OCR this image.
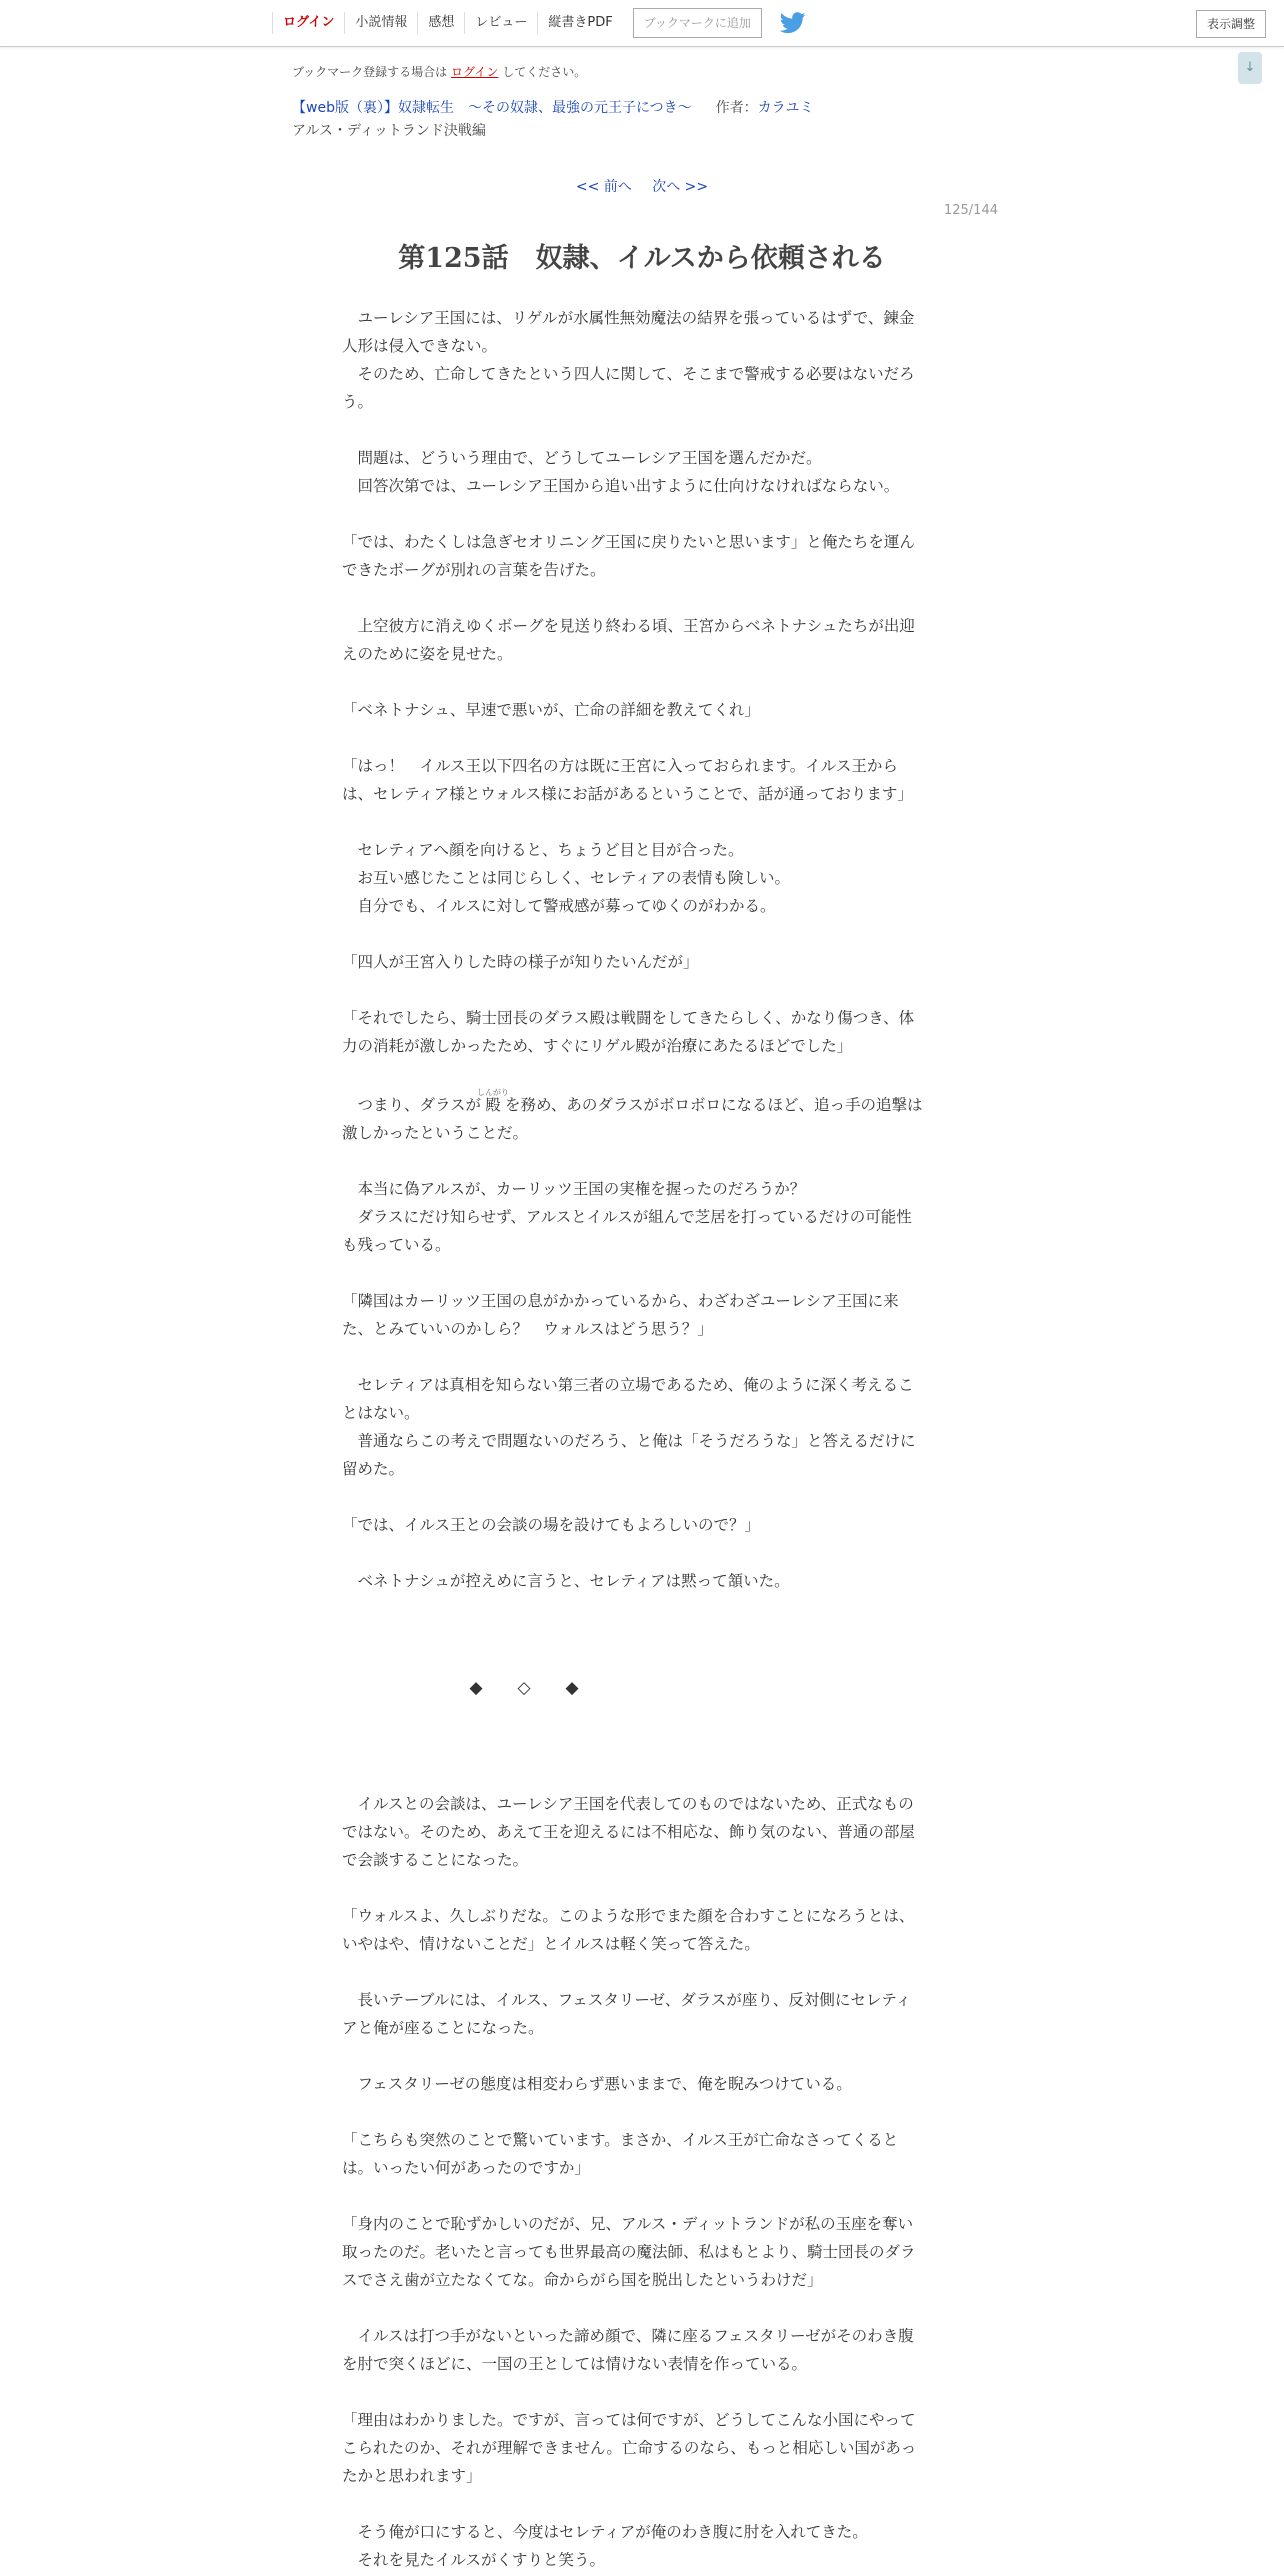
ログイン	小説情報	感想	レビュー	縦書きPDF	ブックマークに追加	表示調整
↓
ブックマーク登録する場合は ログイン してください。
【web版（裏）】奴隷転生　～その奴隷、最強の元王子につき～ 作者：カラユミ
アルス・ディットランド決戦編
<< 前へ 次へ >>
125/144
第125話　奴隷、イルスから依頼される
　ユーレシア王国には、リゲルが水属性無効魔法の結界を張っているはずで、錬金
人形は侵入できない。
　そのため、亡命してきたという四人に関して、そこまで警戒する必要はないだろ
う。
　問題は、どういう理由で、どうしてユーレシア王国を選んだかだ。
　回答次第では、ユーレシア王国から追い出すように仕向けなければならない。
「では、わたくしは急ぎセオリニング王国に戻りたいと思います」と俺たちを運ん
できたボーグが別れの言葉を告げた。
　上空彼方に消えゆくボーグを見送り終わる頃、王宮からベネトナシュたちが出迎
えのために姿を見せた。
「ベネトナシュ、早速で悪いが、亡命の詳細を教えてくれ」
「はっ！　イルス王以下四名の方は既に王宮に入っておられます。イルス王から
は、セレティア様とウォルス様にお話があるということで、話が通っております」
　セレティアへ顔を向けると、ちょうど目と目が合った。
　お互い感じたことは同じらしく、セレティアの表情も険しい。
　自分でも、イルスに対して警戒感が募ってゆくのがわかる。
「四人が王宮入りした時の様子が知りたいんだが」
「それでしたら、騎士団長のダラス殿は戦闘をしてきたらしく、かなり傷つき、体
力の消耗が激しかったため、すぐにリゲル殿が治療にあたるほどでした」
　つまり、ダラスが殿しんがりを務め、あのダラスがボロボロになるほど、追っ手の追撃は
激しかったということだ。
　本当に偽アルスが、カーリッツ王国の実権を握ったのだろうか？
　ダラスにだけ知らせず、アルスとイルスが組んで芝居を打っているだけの可能性
も残っている。
「隣国はカーリッツ王国の息がかかっているから、わざわざユーレシア王国に来
た、とみていいのかしら？　ウォルスはどう思う？」
　セレティアは真相を知らない第三者の立場であるため、俺のように深く考えるこ
とはない。
　普通ならこの考えで問題ないのだろう、と俺は「そうだろうな」と答えるだけに
留めた。
「では、イルス王との会談の場を設けてもよろしいので？」
　ベネトナシュが控えめに言うと、セレティアは黙って頷いた。
◆ ◇ ◆
　イルスとの会談は、ユーレシア王国を代表してのものではないため、正式なもの
ではない。そのため、あえて王を迎えるには不相応な、飾り気のない、普通の部屋
で会談することになった。
「ウォルスよ、久しぶりだな。このような形でまた顔を合わすことになろうとは、
いやはや、情けないことだ」とイルスは軽く笑って答えた。
　長いテーブルには、イルス、フェスタリーゼ、ダラスが座り、反対側にセレティ
アと俺が座ることになった。
　フェスタリーゼの態度は相変わらず悪いままで、俺を睨みつけている。
「こちらも突然のことで驚いています。まさか、イルス王が亡命なさってくると
は。いったい何があったのですか」
「身内のことで恥ずかしいのだが、兄、アルス・ディットランドが私の玉座を奪い
取ったのだ。老いたと言っても世界最高の魔法師、私はもとより、騎士団長のダラ
スでさえ歯が立たなくてな。命からがら国を脱出したというわけだ」
　イルスは打つ手がないといった諦め顔で、隣に座るフェスタリーゼがそのわき腹
を肘で突くほどに、一国の王としては情けない表情を作っている。
「理由はわかりました。ですが、言っては何ですが、どうしてこんな小国にやって
こられたのか、それが理解できません。亡命するのなら、もっと相応しい国があっ
たかと思われます」
　そう俺が口にすると、今度はセレティアが俺のわき腹に肘を入れてきた。
　それを見たイルスがくすりと笑う。
